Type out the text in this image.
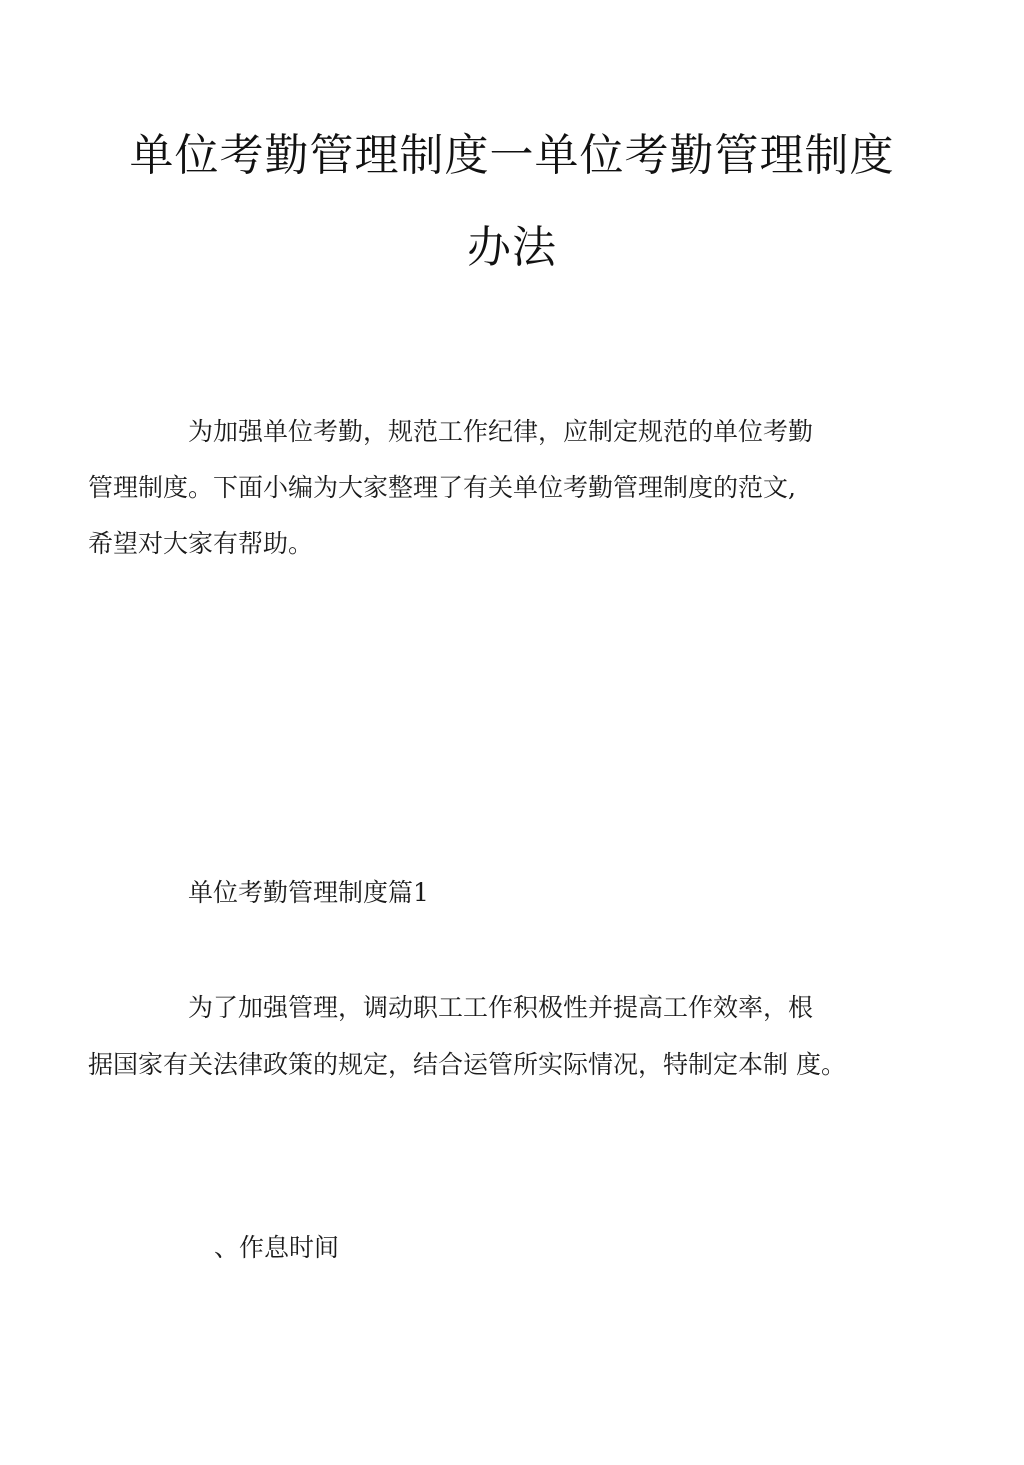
单位考勤管理制度一单位考勤管理制度
办法
为加强单位考勤，规范工作纪律，应制定规范的单位考勤
管理制度。下面小编为大家整理了有关单位考勤管理制度的范文,
希望对大家有帮助。
单位考勤管理制度篇1
为了加强管理，调动职工工作积极性并提高工作效率，根
据国家有关法律政策的规定，结合运管所实际情况，特制定本制 度。
、作息时间
